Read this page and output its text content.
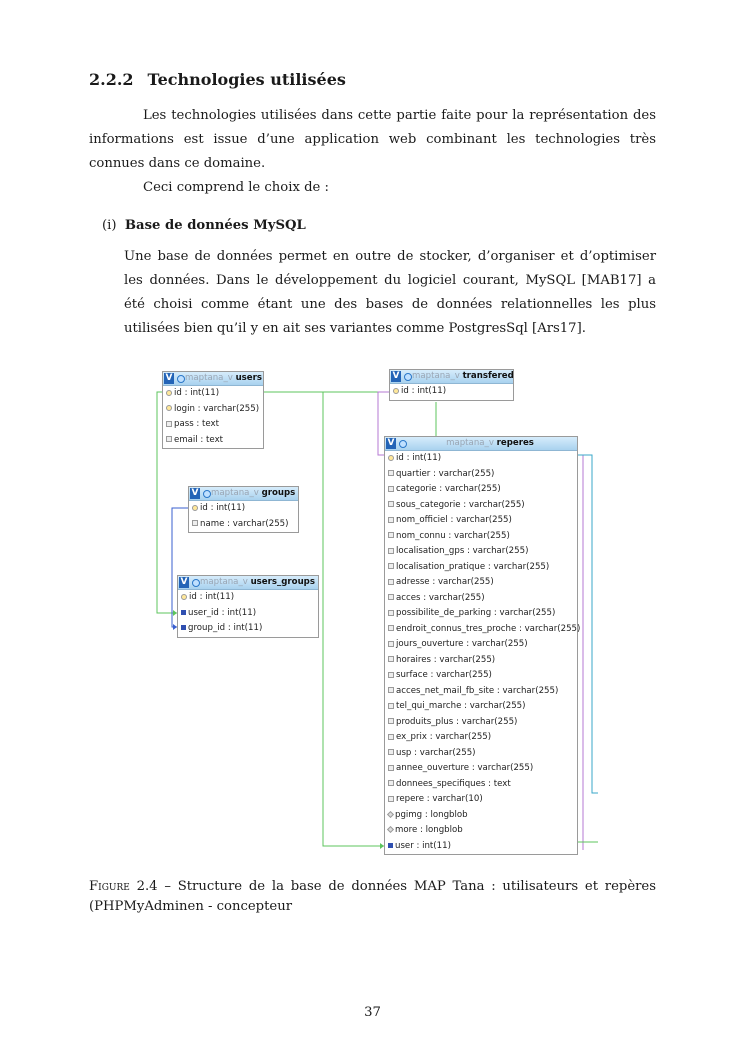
2.2.2 Technologies utilisées
Les technologies utilisées dans cette partie faite pour la représentation des informations est issue d’une application web combinant les technologies très connues dans ce domaine.
Ceci comprend le choix de :
(i) Base de données MySQL
Une base de données permet en outre de stocker, d’organiser et d’optimiser les données. Dans le développement du logiciel courant, MySQL [MAB17] a été choisi comme étant une des bases de données relationnelles les plus utilisées bien qu’il y en ait ses variantes comme PostgresSql [Ars17].
V maptana_v users
id : int(11)
login : varchar(255)
pass : text
email : text
V maptana_v transfered
id : int(11)
V maptana_v groups
id : int(11)
name : varchar(255)
V maptana_v users_groups
id : int(11)
user_id : int(11)
group_id : int(11)
V	maptana_v reperes
id : int(11)
quartier : varchar(255)
categorie : varchar(255)
sous_categorie : varchar(255)
nom_officiel : varchar(255)
nom_connu : varchar(255)
localisation_gps : varchar(255)
localisation_pratique : varchar(255)
adresse : varchar(255)
acces : varchar(255)
possibilite_de_parking : varchar(255)
endroit_connus_tres_proche : varchar(255)
jours_ouverture : varchar(255)
horaires : varchar(255)
surface : varchar(255)
acces_net_mail_fb_site : varchar(255)
tel_qui_marche : varchar(255)
produits_plus : varchar(255)
ex_prix : varchar(255)
usp : varchar(255)
annee_ouverture : varchar(255)
donnees_specifiques : text
repere : varchar(10)
pgimg : longblob
more : longblob
user : int(11)
Figure 2.4 – Structure de la base de données MAP Tana : utilisateurs et repères (PHPMyAdminen - concepteur
37
